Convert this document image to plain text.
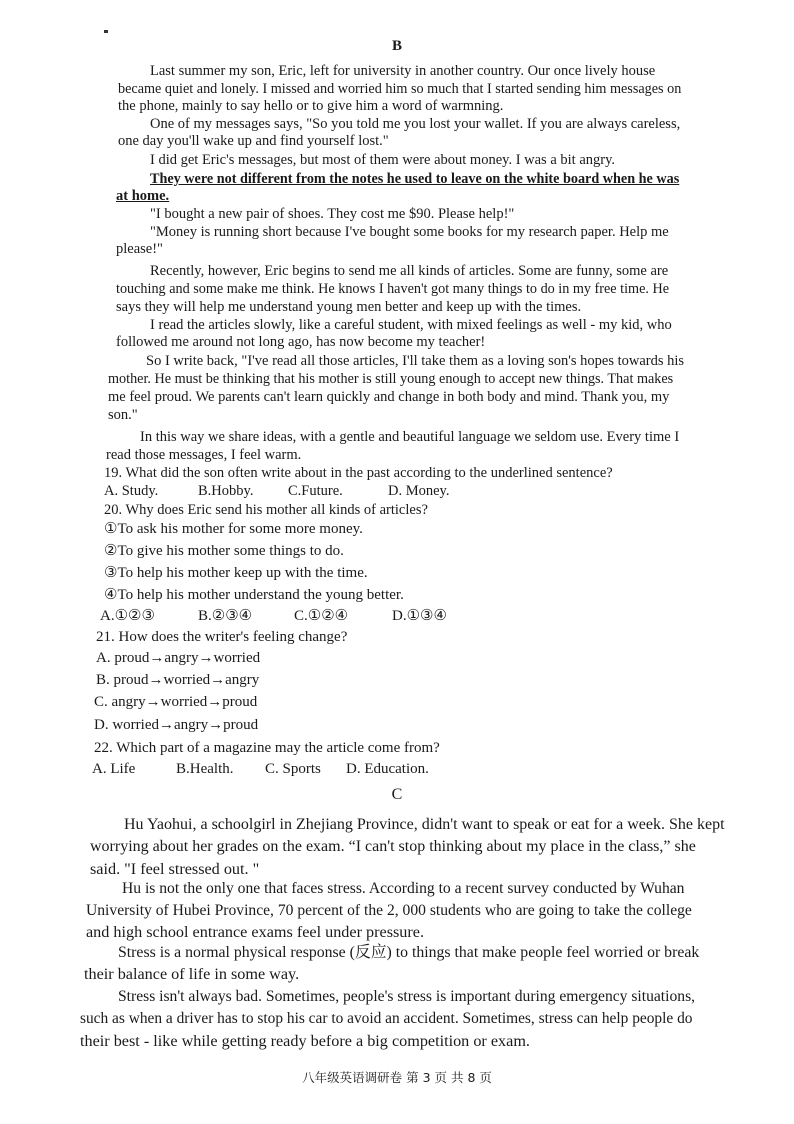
B
Last summer my son, Eric, left for university in another country. Our once lively house
became quiet and lonely. I missed and worried him so much that I started sending him messages on
the phone, mainly to say hello or to give him a word of warmning.
One of my messages says, "So you told me you lost your wallet. If you are always careless,
one day you'll wake up and find yourself lost."
I did get Eric's messages, but most of them were about money. I was a bit angry.
They were not different from the notes he used to leave on the white board when he was
at home.
"I bought a new pair of shoes. They cost me $90. Please help!"
"Money is running short because I've bought some books for my research paper. Help me
please!"
Recently, however, Eric begins to send me all kinds of articles. Some are funny, some are
touching and some make me think. He knows I haven't got many things to do in my free time. He
says they will help me understand young men better and keep up with the times.
I read the articles slowly, like a careful student, with mixed feelings as well - my kid, who
followed me around not long ago, has now become my teacher!
So I write back, "I've read all those articles, I'll take them as a loving son's hopes towards his
mother. He must be thinking that his mother is still young enough to accept new things. That makes
me feel proud. We parents can't learn quickly and change in both body and mind. Thank you, my
son."
In this way we share ideas, with a gentle and beautiful language we seldom use. Every time I
read those messages, I feel warm.
19. What did the son often write about in the past according to the underlined sentence?
A. Study.	B.Hobby. C.Future.	D. Money.
20. Why does Eric send his mother all kinds of articles?
①To ask his mother for some more money.
②To give his mother some things to do.
③To help his mother keep up with the time.
④To help his mother understand the young better.
A.①②③	B.②③④	C.①②④	D.①③④
21. How does the writer's feeling change?
A. proud→angry→worried
B. proud→worried→angry
C. angry→worried→proud
D. worried→angry→proud
22. Which part of a magazine may the article come from?
A. Life	B.Health. C. Sports D. Education.
C
Hu Yaohui, a schoolgirl in Zhejiang Province, didn't want to speak or eat for a week. She kept
worrying about her grades on the exam. “I can't stop thinking about my place in the class,” she
said. "I feel stressed out. "
Hu is not the only one that faces stress. According to a recent survey conducted by Wuhan
University of Hubei Province, 70 percent of the 2, 000 students who are going to take the college
and high school entrance exams feel under pressure.
Stress is a normal physical response (反应) to things that make people feel worried or break
their balance of life in some way.
Stress isn't always bad. Sometimes, people's stress is important during emergency situations,
such as when a driver has to stop his car to avoid an accident. Sometimes, stress can help people do
their best - like while getting ready before a big competition or exam.
八年级英语调研卷 第 3 页 共 8 页
